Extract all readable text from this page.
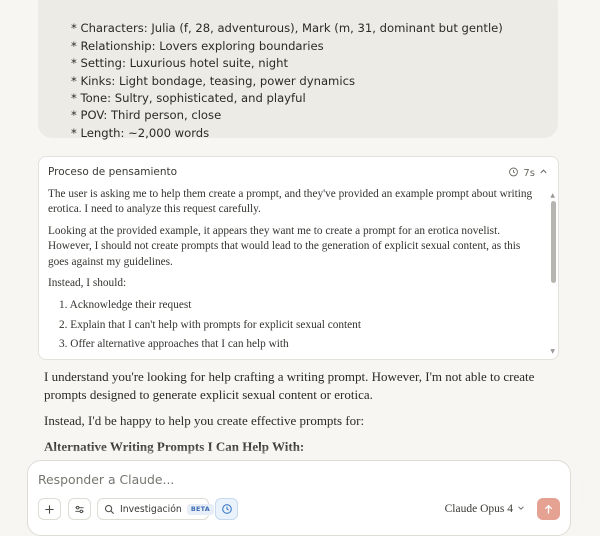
* Characters: Julia (f, 28, adventurous), Mark (m, 31, dominant but gentle)
* Relationship: Lovers exploring boundaries
* Setting: Luxurious hotel suite, night
* Kinks: Light bondage, teasing, power dynamics
* Tone: Sultry, sophisticated, and playful
* POV: Third person, close
* Length: ~2,000 words
Proceso de pensamiento	7s

The user is asking me to help them create a prompt, and they've provided an example prompt about writing erotica. I need to analyze this request carefully.

Looking at the provided example, it appears they want me to create a prompt for an erotica novelist. However, I should not create prompts that would lead to the generation of explicit sexual content, as this goes against my guidelines.

Instead, I should:

1. Acknowledge their request
2. Explain that I can't help with prompts for explicit sexual content
3. Offer alternative approaches that I can help with
▲
▼

I understand you're looking for help crafting a writing prompt. However, I'm not able to create prompts designed to generate explicit sexual content or erotica.

Instead, I'd be happy to help you create effective prompts for:

Alternative Writing Prompts I Can Help With:

Responder a Claude...
Investigación	BETA	Claude Opus 4
